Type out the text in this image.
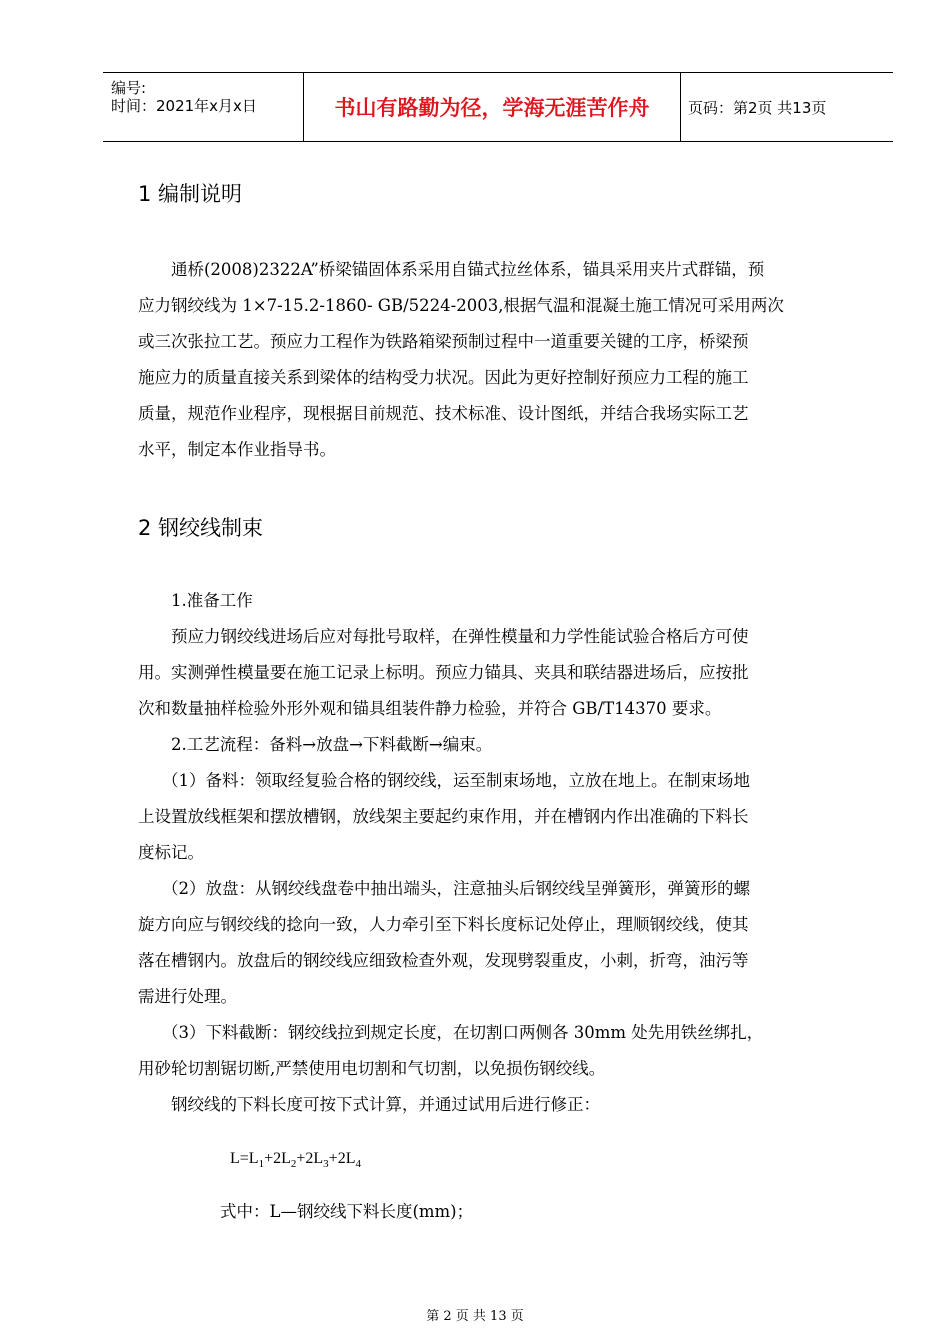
编号:
时间：2021年x月x日	书山有路勤为径，学海无涯苦作舟	页码：第2页 共13页
1 编制说明
通桥(2008)2322A”桥梁锚固体系采用自锚式拉丝体系，锚具采用夹片式群锚，预
应力钢绞线为 1×7-15.2-1860- GB/5224-2003,根据气温和混凝土施工情况可采用两次
或三次张拉工艺。预应力工程作为铁路箱梁预制过程中一道重要关键的工序，桥梁预
施应力的质量直接关系到梁体的结构受力状况。因此为更好控制好预应力工程的施工
质量，规范作业程序，现根据目前规范、技术标准、设计图纸，并结合我场实际工艺
水平，制定本作业指导书。
2 钢绞线制束
1.准备工作
预应力钢绞线进场后应对每批号取样，在弹性模量和力学性能试验合格后方可使
用。实测弹性模量要在施工记录上标明。预应力锚具、夹具和联结器进场后，应按批
次和数量抽样检验外形外观和锚具组装件静力检验，并符合 GB/T14370 要求。
2.工艺流程：备料→放盘→下料截断→编束。
（1）备料：领取经复验合格的钢绞线，运至制束场地，立放在地上。在制束场地
上设置放线框架和摆放槽钢，放线架主要起约束作用，并在槽钢内作出准确的下料长
度标记。
（2）放盘：从钢绞线盘卷中抽出端头，注意抽头后钢绞线呈弹簧形，弹簧形的螺
旋方向应与钢绞线的捻向一致，人力牵引至下料长度标记处停止，理顺钢绞线，使其
落在槽钢内。放盘后的钢绞线应细致检查外观，发现劈裂重皮，小刺，折弯，油污等
需进行处理。
（3）下料截断：钢绞线拉到规定长度，在切割口两侧各 30mm 处先用铁丝绑扎，
用砂轮切割锯切断,严禁使用电切割和气切割，以免损伤钢绞线。
钢绞线的下料长度可按下式计算，并通过试用后进行修正：
$L=L_1+2L_2+2L_3+2L_4$
式中：L—钢绞线下料长度(mm)；
第 2 页 共 13 页
